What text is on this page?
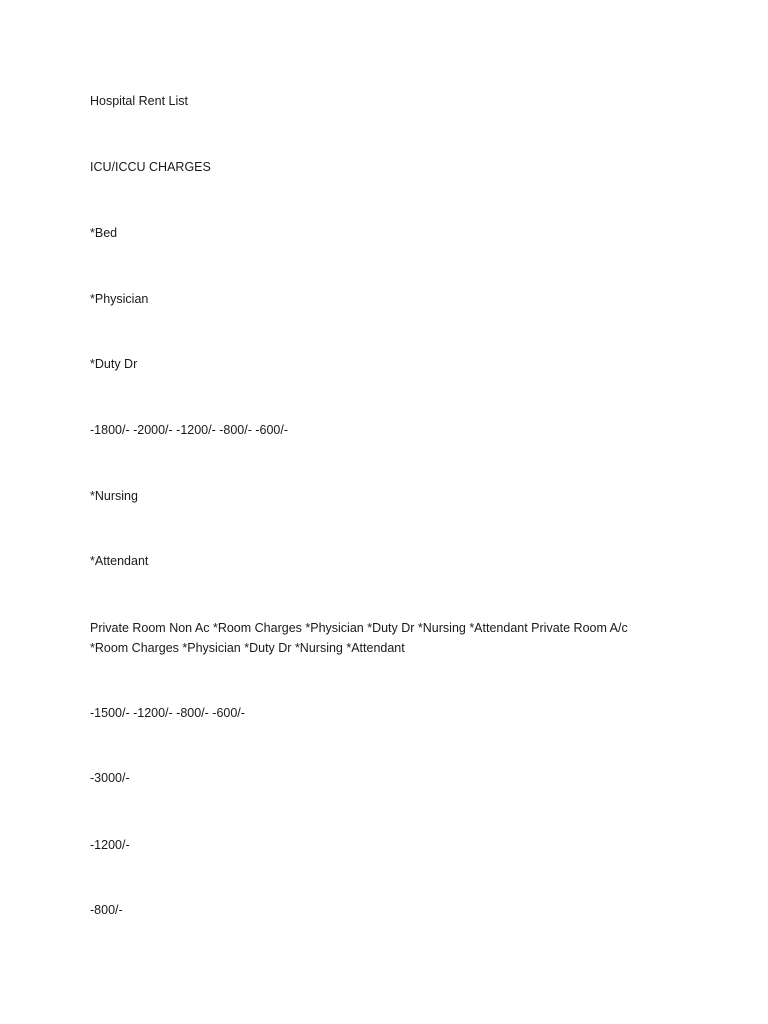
Hospital Rent List

ICU/ICCU CHARGES

*Bed

*Physician

*Duty Dr

-1800/- -2000/- -1200/- -800/- -600/-

*Nursing

*Attendant

Private Room Non Ac *Room Charges *Physician *Duty Dr *Nursing *Attendant Private Room A/c *Room Charges *Physician *Duty Dr *Nursing *Attendant

-1500/- -1200/- -800/- -600/-

-3000/-

-1200/-

-800/-
